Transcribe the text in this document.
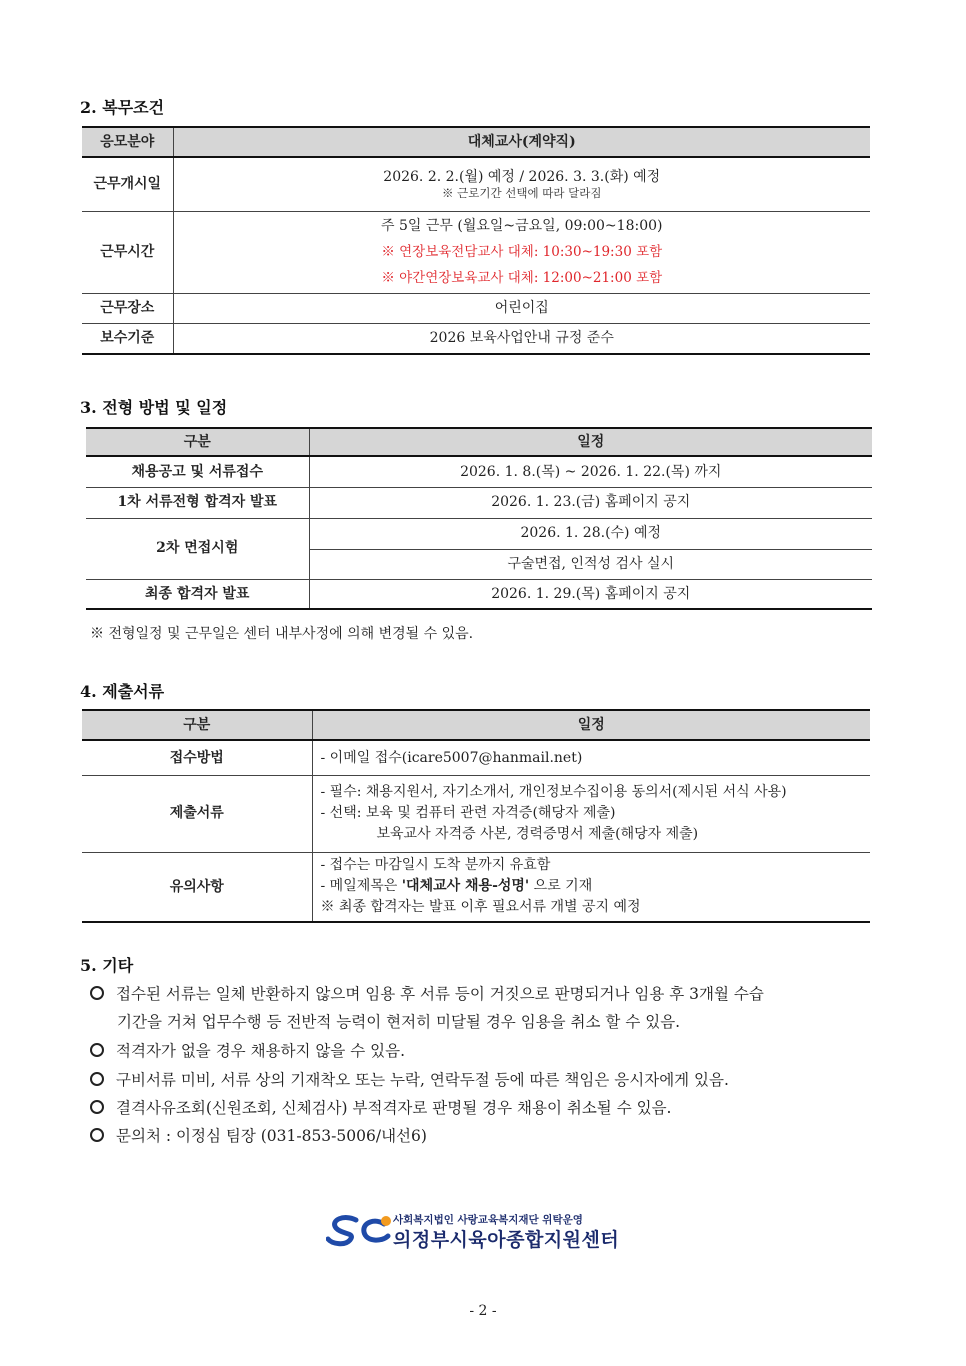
2. 복무조건
응모분야	대체교사(계약직)
근무개시일	2026. 2. 2.(월) 예정 / 2026. 3. 3.(화) 예정
※ 근로기간 선택에 따라 달라짐

근무시간	주 5일 근무 (월요일~금요일, 09:00~18:00)
※ 연장보육전담교사 대체: 10:30~19:30 포함
※ 야간연장보육교사 대체: 12:00~21:00 포함

근무장소	어린이집
보수기준	2026 보육사업안내 규정 준수
3. 전형 방법 및 일정
구분	일정
채용공고 및 서류접수	2026. 1. 8.(목) ~ 2026. 1. 22.(목) 까지
1차 서류전형 합격자 발표	2026. 1. 23.(금) 홈페이지 공지
2차 면접시험	2026. 1. 28.(수) 예정
	구술면접, 인적성 검사 실시
최종 합격자 발표	2026. 1. 29.(목) 홈페이지 공지
※ 전형일정 및 근무일은 센터 내부사정에 의해 변경될 수 있음.
4. 제출서류
구분	일정
접수방법	- 이메일 접수(icare5007@hanmail.net)
제출서류	- 필수: 채용지원서, 자기소개서, 개인정보수집이용 동의서(제시된 서식 사용)
- 선택: 보육 및 컴퓨터 관련 자격증(해당자 제출)
보육교사 자격증 사본, 경력증명서 제출(해당자 제출)

유의사항	- 접수는 마감일시 도착 분까지 유효함
- 메일제목은 '대체교사 채용-성명' 으로 기재
※ 최종 합격자는 발표 이후 필요서류 개별 공지 예정
5. 기타
접수된 서류는 일체 반환하지 않으며 임용 후 서류 등이 거짓으로 판명되거나 임용 후 3개월 수습
기간을 거쳐 업무수행 등 전반적 능력이 현저히 미달될 경우 임용을 취소 할 수 있음.
적격자가 없을 경우 채용하지 않을 수 있음.
구비서류 미비, 서류 상의 기재착오 또는 누락, 연락두절 등에 따른 책임은 응시자에게 있음.
결격사유조회(신원조회, 신체검사) 부적격자로 판명될 경우 채용이 취소될 수 있음.
문의처 : 이정심 팀장 (031-853-5006/내선6)
사회복지법인 사랑교육복지재단 위탁운영
의정부시육아종합지원센터
- 2 -
